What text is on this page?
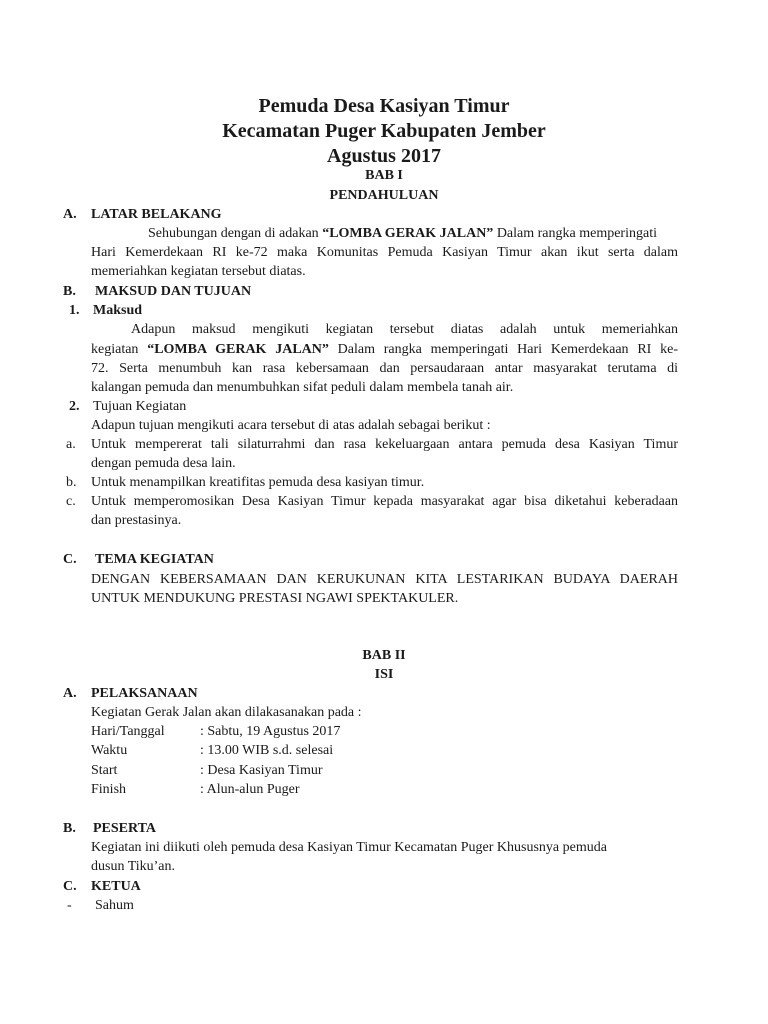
Pemuda Desa Kasiyan Timur
Kecamatan Puger Kabupaten Jember
Agustus 2017
BAB I
PENDAHULUAN
A. LATAR BELAKANG
Sehubungan dengan di adakan “LOMBA GERAK JALAN” Dalam rangka memperingati
Hari Kemerdekaan RI ke-72 maka Komunitas Pemuda Kasiyan Timur akan ikut serta dalam
memeriahkan kegiatan tersebut diatas.
B. MAKSUD DAN TUJUAN
1. Maksud
Adapun maksud mengikuti kegiatan tersebut diatas adalah untuk memeriahkan
kegiatan “LOMBA GERAK JALAN” Dalam rangka memperingati Hari Kemerdekaan RI ke-
72. Serta menumbuh kan rasa kebersamaan dan persaudaraan antar masyarakat terutama di
kalangan pemuda dan menumbuhkan sifat peduli dalam membela tanah air.
2. Tujuan Kegiatan
Adapun tujuan mengikuti acara tersebut di atas adalah sebagai berikut :
a. Untuk mempererat tali silaturrahmi dan rasa kekeluargaan antara pemuda desa Kasiyan Timur
dengan pemuda desa lain.
b. Untuk menampilkan kreatifitas pemuda desa kasiyan timur.
c. Untuk memperomosikan Desa Kasiyan Timur kepada masyarakat agar bisa diketahui keberadaan
dan prestasinya.
C. TEMA KEGIATAN
DENGAN KEBERSAMAAN DAN KERUKUNAN KITA LESTARIKAN BUDAYA DAERAH
UNTUK MENDUKUNG PRESTASI NGAWI SPEKTAKULER.
BAB II
ISI
A. PELAKSANAAN
Kegiatan Gerak Jalan akan dilakasanakan pada :
Hari/Tanggal	: Sabtu, 19 Agustus 2017
Waktu	: 13.00 WIB s.d. selesai
Start	: Desa Kasiyan Timur
Finish	: Alun-alun Puger
B. PESERTA
Kegiatan ini diikuti oleh pemuda desa Kasiyan Timur Kecamatan Puger Khususnya pemuda
dusun Tiku’an.
C. KETUA
- Sahum
